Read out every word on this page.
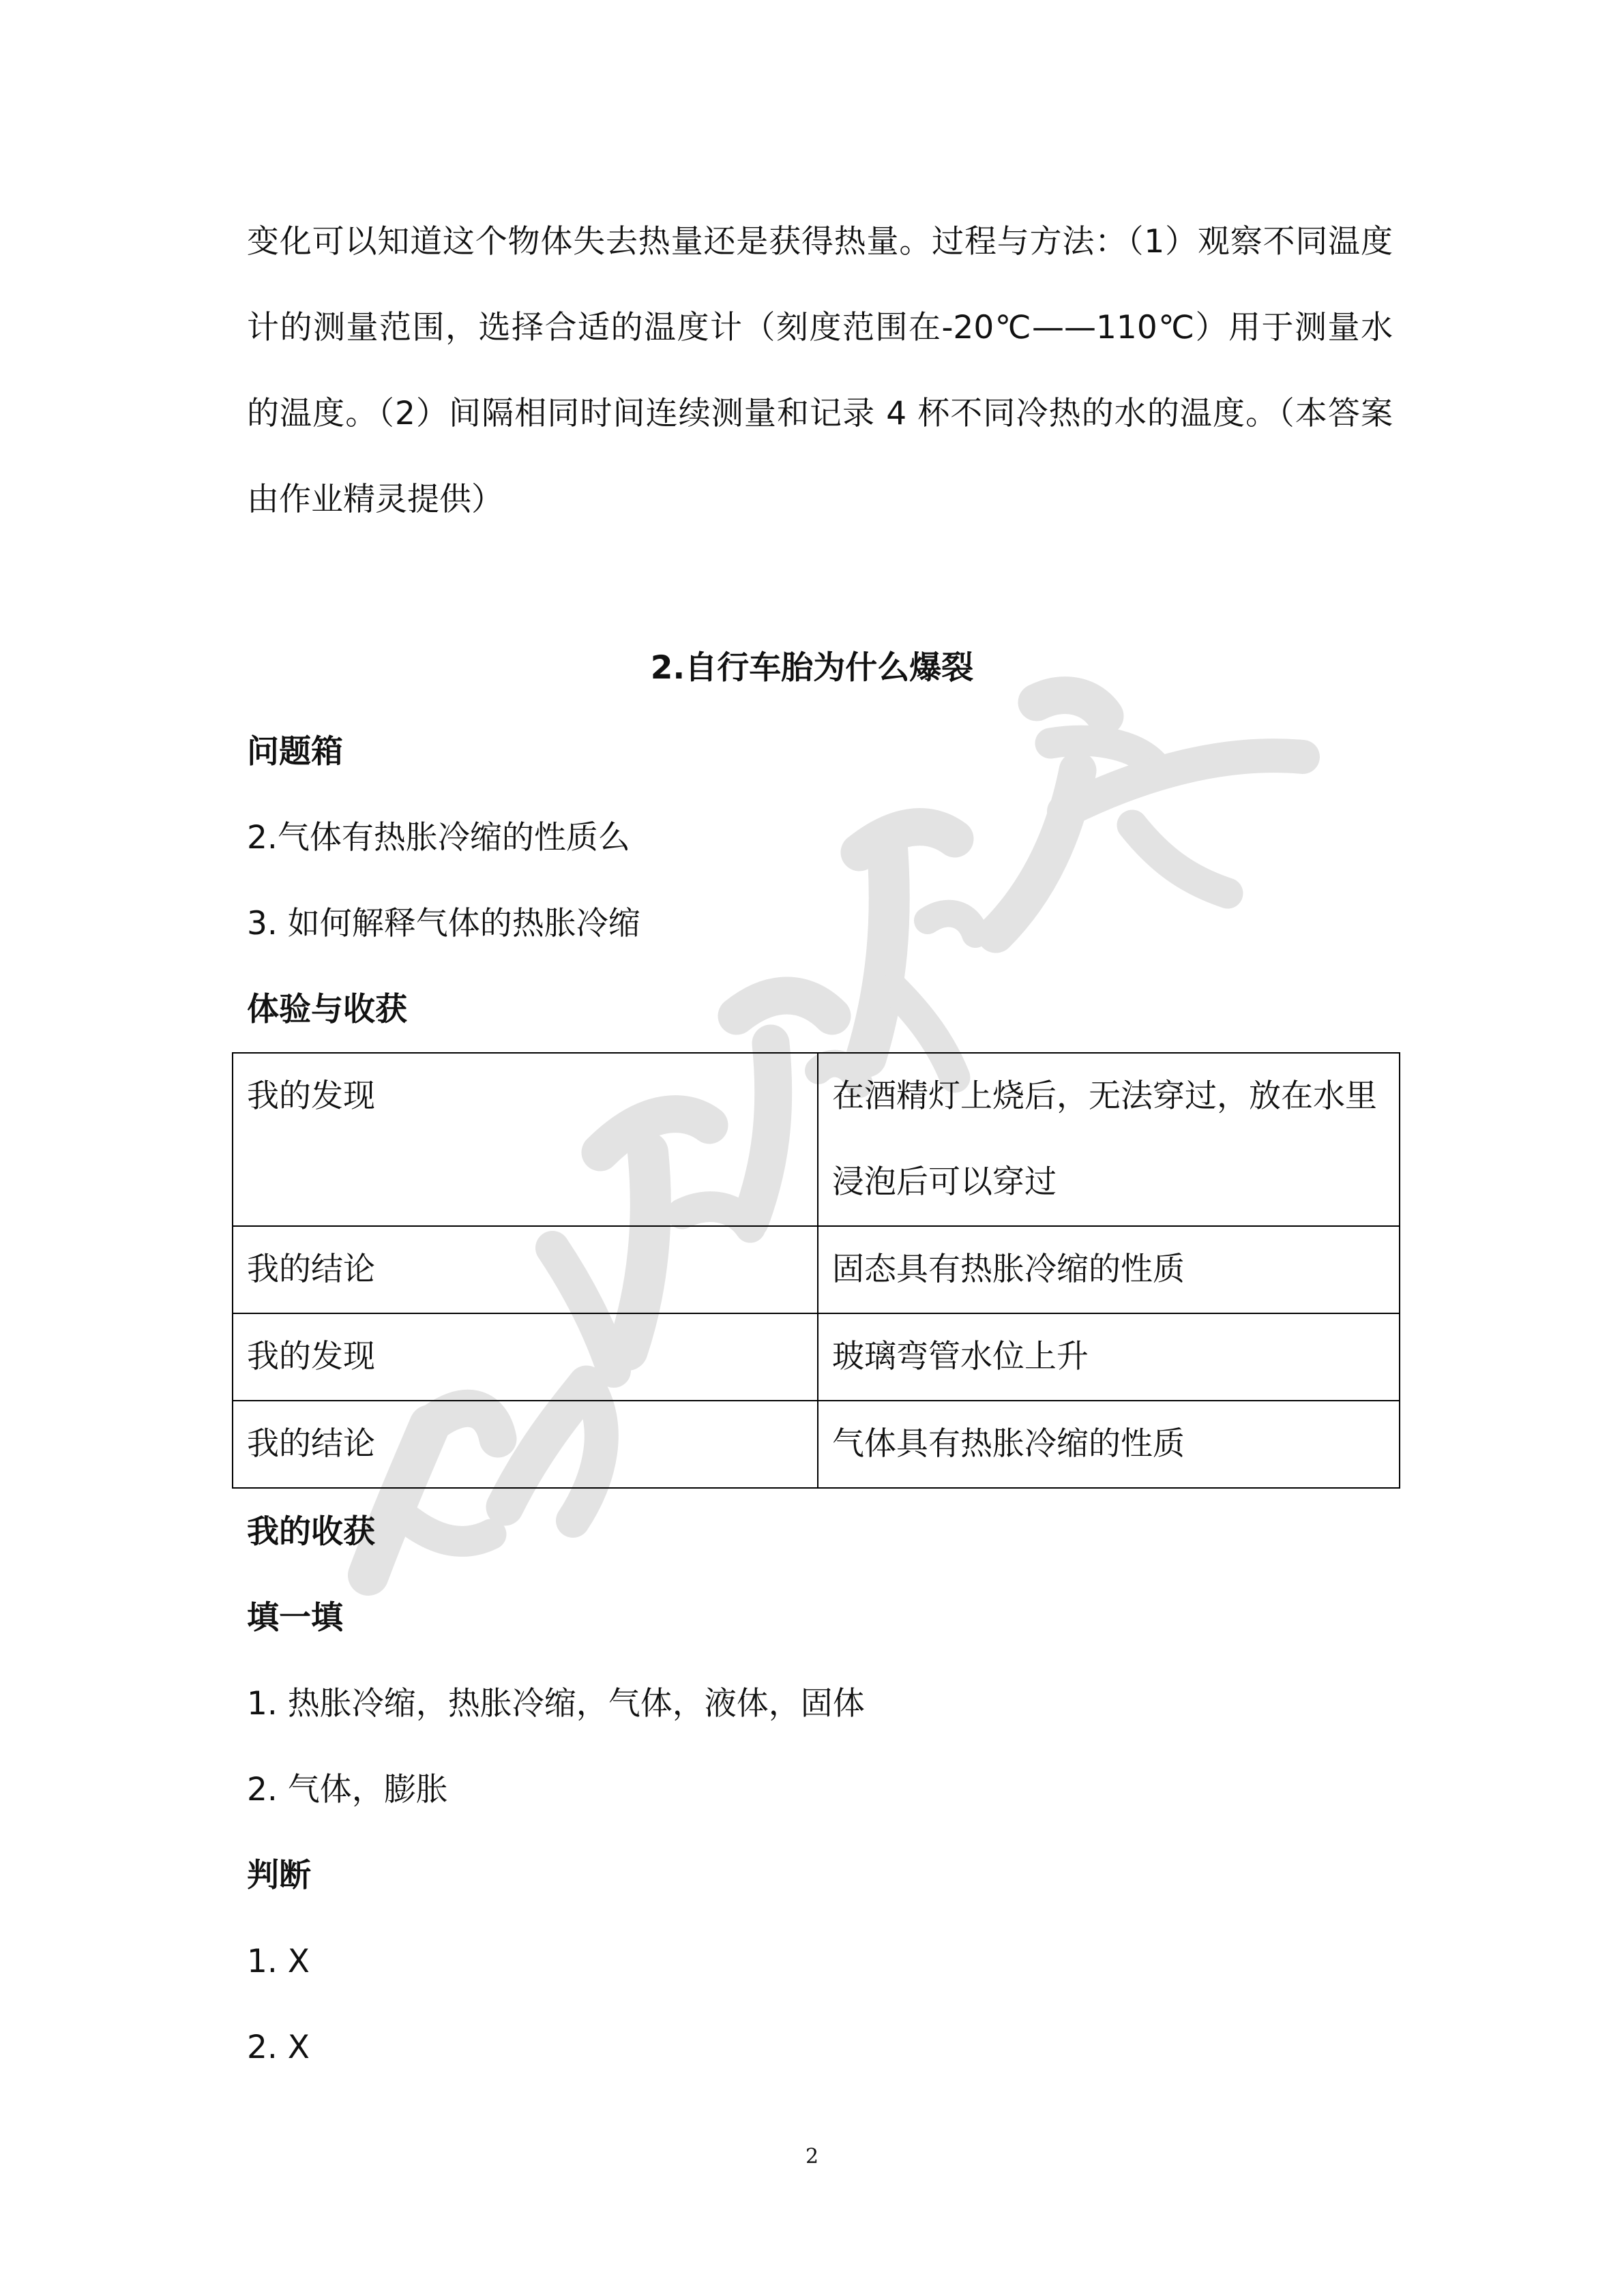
变化可以知道这个物体失去热量还是获得热量。过程与方法：（1）观察不同温度计的测量范围，选择合适的温度计（刻度范围在-20℃——110℃）用于测量水的温度。（2）间隔相同时间连续测量和记录 4 杯不同冷热的水的温度。（本答案由作业精灵提供）

2.自行车胎为什么爆裂
问题箱
2.气体有热胀冷缩的性质么
3. 如何解释气体的热胀冷缩
体验与收获
我的发现	在酒精灯上烧后，无法穿过，放在水里浸泡后可以穿过
我的结论	固态具有热胀冷缩的性质
我的发现	玻璃弯管水位上升
我的结论	气体具有热胀冷缩的性质
我的收获
填一填
1. 热胀冷缩，热胀冷缩，气体，液体，固体
2. 气体，膨胀
判断
1. X
2. X
2
